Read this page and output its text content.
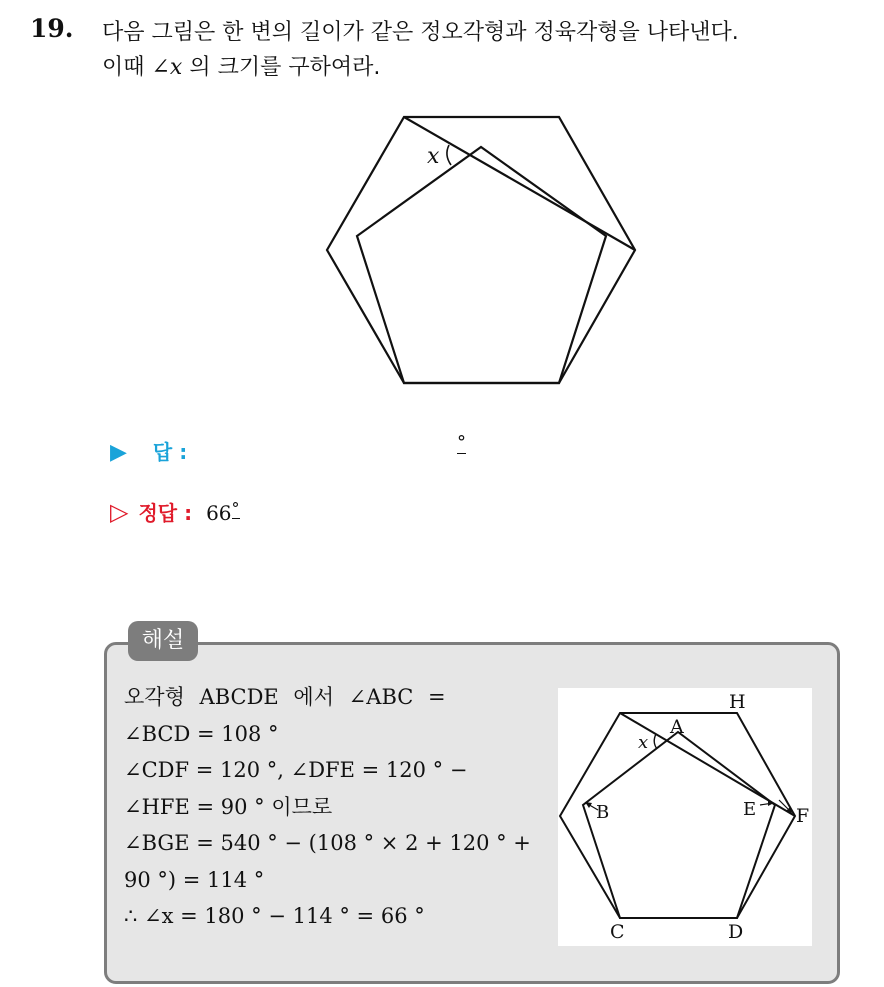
19. 다음 그림은 한 변의 길이가 같은 정오각형과 정육각형을 나타낸다.
이때 ∠x 의 크기를 구하여라.
x
▶ 답 :	°
▷ 정답 : 66°
해설
오각형 ABCDE 에서 ∠ABC =
∠BCD = 108 °
∠CDF = 120 °, ∠DFE = 120 ° −
∠HFE = 90 ° 이므로
∠BGE = 540 ° − (108 ° × 2 + 120 ° +
90 °) = 114 °
∴ ∠x = 180 ° − 114 ° = 66 °
H
A
x
B	E F
C	D
